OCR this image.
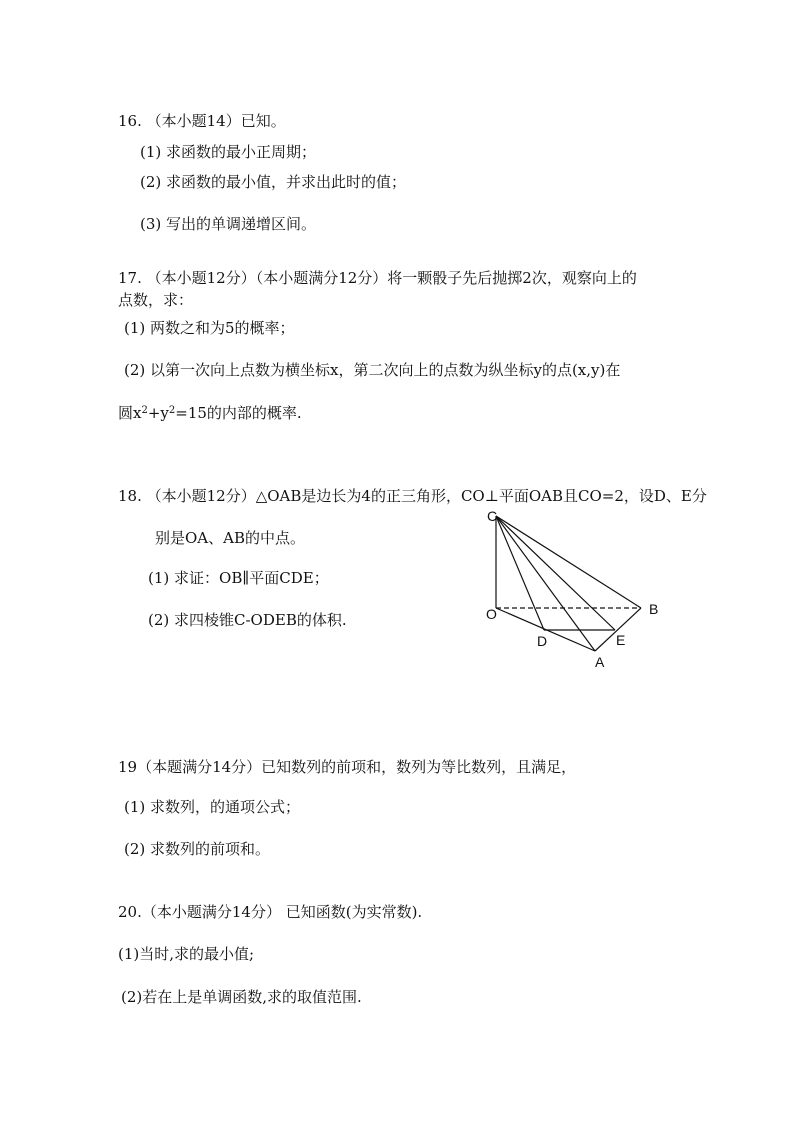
16. （本小题14）已知。
(1) 求函数的最小正周期；
(2) 求函数的最小值，并求出此时的值；
(3) 写出的单调递增区间。
17. （本小题12分）（本小题满分12分）将一颗骰子先后抛掷2次，观察向上的
点数，求：
(1) 两数之和为5的概率；
(2) 以第一次向上点数为横坐标x，第二次向上的点数为纵坐标y的点(x,y)在
圆$x^2+y^2=15$的内部的概率.
18. （本小题12分）△OAB是边长为4的正三角形，CO⊥平面OAB且CO=2，设D、E分
别是OA、AB的中点。
(1) 求证：OB∥平面CDE；
(2) 求四棱锥C-ODEB的体积.
C
O	B
D	E
A
19（本题满分14分）已知数列的前项和，数列为等比数列，且满足，
(1) 求数列，的通项公式；
(2) 求数列的前项和。
20.（本小题满分14分） 已知函数(为实常数).
(1)当时,求的最小值;
(2)若在上是单调函数,求的取值范围.
